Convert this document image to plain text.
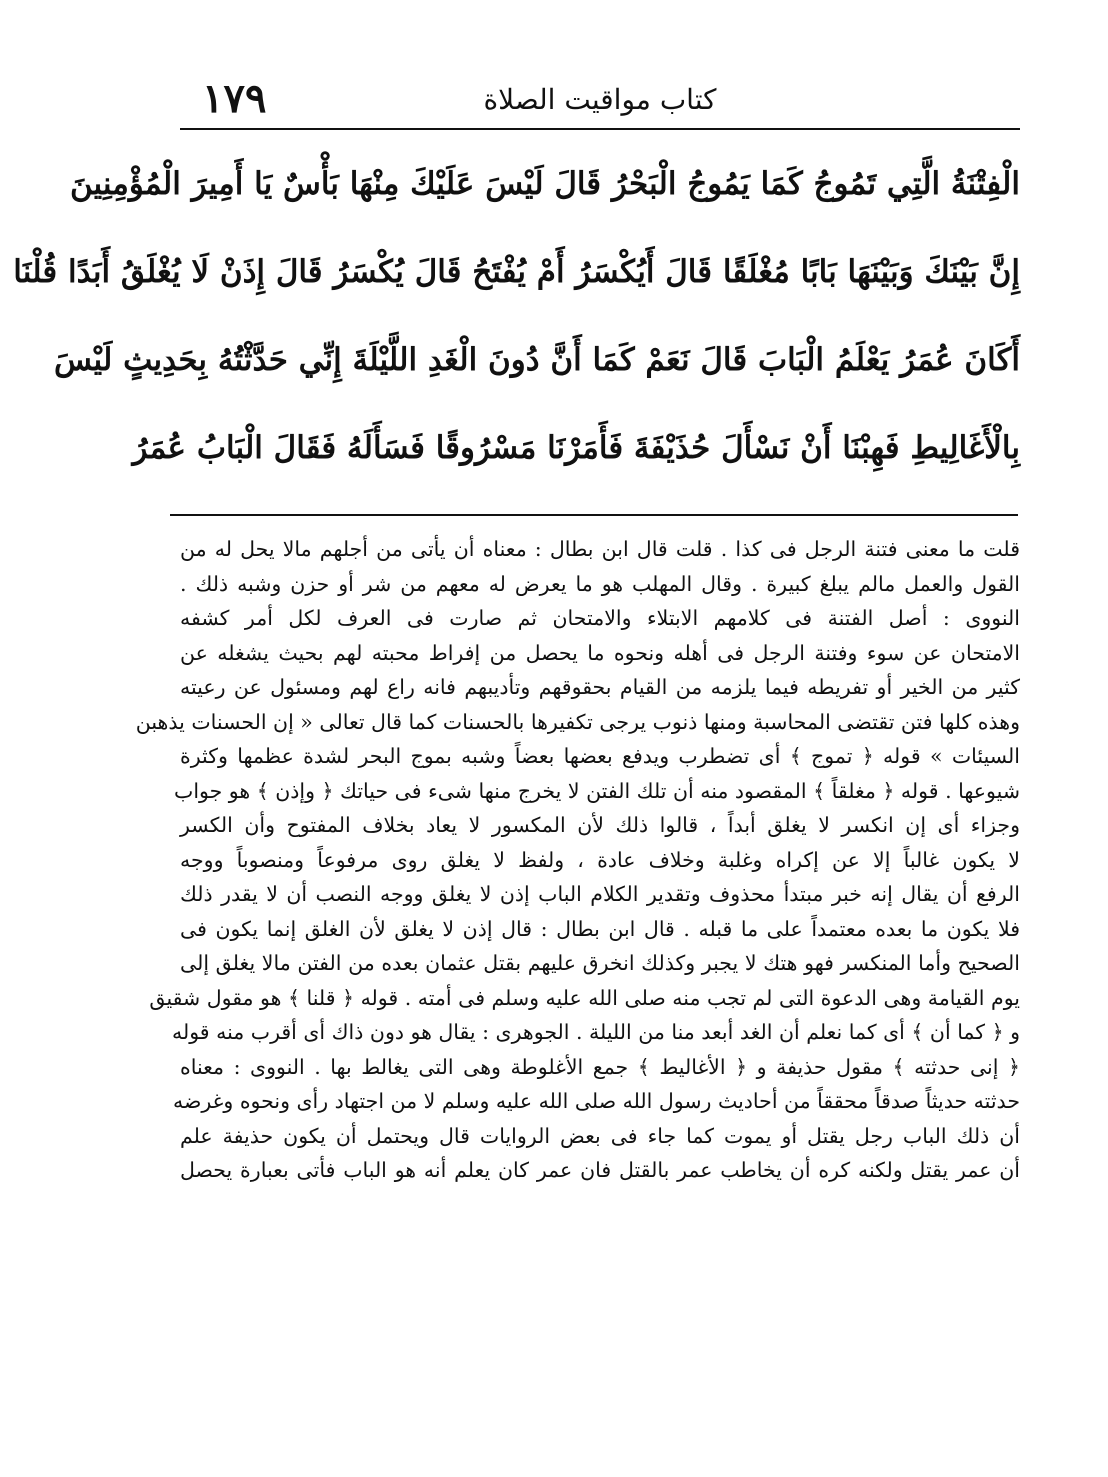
١٧٩	كتاب مواقيت الصلاة
الْفِتْنَةُ الَّتِي تَمُوجُ كَمَا يَمُوجُ الْبَحْرُ قَالَ لَيْسَ عَلَيْكَ مِنْهَا بَأْسٌ يَا أَمِيرَ الْمُؤْمِنِينَ
إِنَّ بَيْنَكَ وَبَيْنَهَا بَابًا مُغْلَقًا قَالَ أَيُكْسَرُ أَمْ يُفْتَحُ قَالَ يُكْسَرُ قَالَ إِذَنْ لَا يُغْلَقُ أَبَدًا قُلْنَا
أَكَانَ عُمَرُ يَعْلَمُ الْبَابَ قَالَ نَعَمْ كَمَا أَنَّ دُونَ الْغَدِ اللَّيْلَةَ إِنِّي حَدَّثْتُهُ بِحَدِيثٍ لَيْسَ
بِالْأَغَالِيطِ فَهِبْنَا أَنْ نَسْأَلَ حُذَيْفَةَ فَأَمَرْنَا مَسْرُوقًا فَسَأَلَهُ فَقَالَ الْبَابُ عُمَرُ
قلت ما معنى فتنة الرجل فى كذا . قلت قال ابن بطال : معناه أن يأتى من أجلهم مالا يحل له من
القول والعمل مالم يبلغ كبيرة . وقال المهلب هو ما يعرض له معهم من شر أو حزن وشبه ذلك .
النووى : أصل الفتنة فى كلامهم الابتلاء والامتحان ثم صارت فى العرف لكل أمر كشفه
الامتحان عن سوء وفتنة الرجل فى أهله ونحوه ما يحصل من إفراط محبته لهم بحيث يشغله عن
كثير من الخير أو تفريطه فيما يلزمه من القيام بحقوقهم وتأديبهم فانه راع لهم ومسئول عن رعيته
وهذه كلها فتن تقتضى المحاسبة ومنها ذنوب يرجى تكفيرها بالحسنات كما قال تعالى « إن الحسنات يذهبن
السيئات » قوله ﴿ تموج ﴾ أى تضطرب ويدفع بعضها بعضاً وشبه بموج البحر لشدة عظمها وكثرة
شيوعها . قوله ﴿ مغلقاً ﴾ المقصود منه أن تلك الفتن لا يخرج منها شىء فى حياتك ﴿ وإذن ﴾ هو جواب
وجزاء أى إن انكسر لا يغلق أبداً ، قالوا ذلك لأن المكسور لا يعاد بخلاف المفتوح وأن الكسر
لا يكون غالباً إلا عن إكراه وغلبة وخلاف عادة ، ولفظ لا يغلق روى مرفوعاً ومنصوباً ووجه
الرفع أن يقال إنه خبر مبتدأ محذوف وتقدير الكلام الباب إذن لا يغلق ووجه النصب أن لا يقدر ذلك
فلا يكون ما بعده معتمداً على ما قبله . قال ابن بطال : قال إذن لا يغلق لأن الغلق إنما يكون فى
الصحيح وأما المنكسر فهو هتك لا يجبر وكذلك انخرق عليهم بقتل عثمان بعده من الفتن مالا يغلق إلى
يوم القيامة وهى الدعوة التى لم تجب منه صلى الله عليه وسلم فى أمته . قوله ﴿ قلنا ﴾ هو مقول شقيق
و ﴿ كما أن ﴾ أى كما نعلم أن الغد أبعد منا من الليلة . الجوهرى : يقال هو دون ذاك أى أقرب منه قوله
﴿ إنى حدثته ﴾ مقول حذيفة و ﴿ الأغاليط ﴾ جمع الأغلوطة وهى التى يغالط بها . النووى : معناه
حدثته حديثاً صدقاً محققاً من أحاديث رسول الله صلى الله عليه وسلم لا من اجتهاد رأى ونحوه وغرضه
أن ذلك الباب رجل يقتل أو يموت كما جاء فى بعض الروايات قال ويحتمل أن يكون حذيفة علم
أن عمر يقتل ولكنه كره أن يخاطب عمر بالقتل فان عمر كان يعلم أنه هو الباب فأتى بعبارة يحصل
